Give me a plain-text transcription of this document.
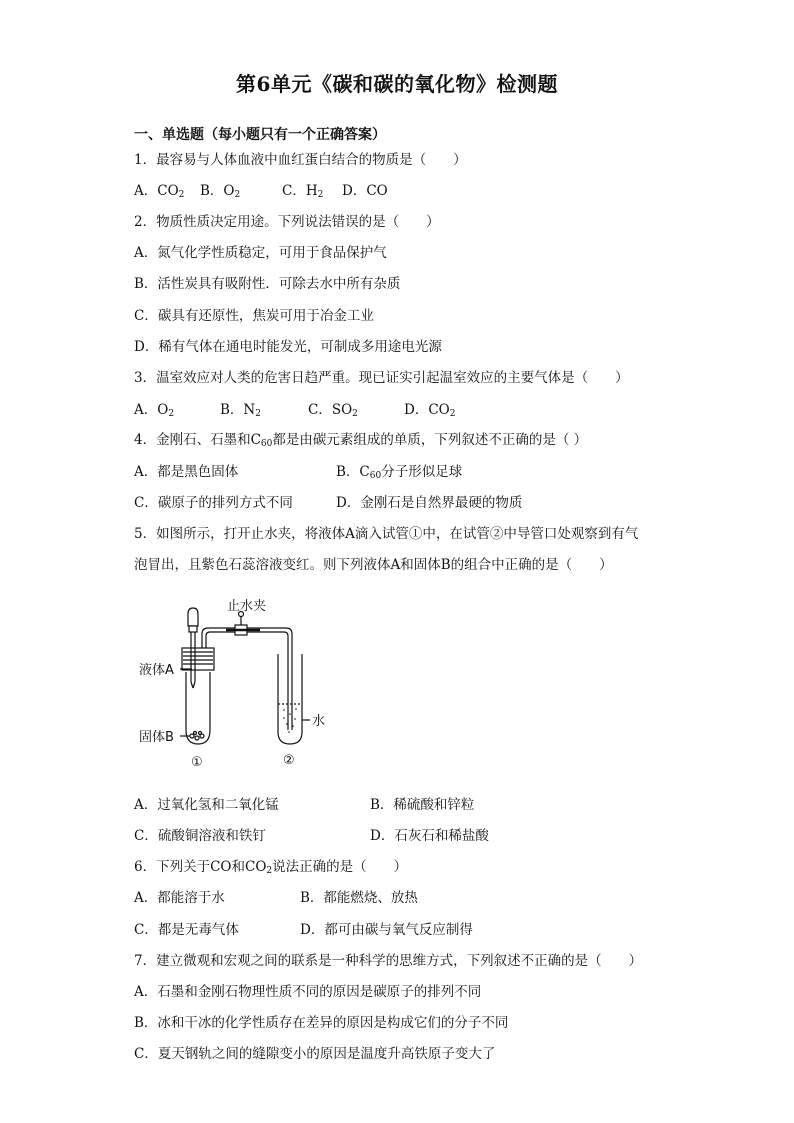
第6单元《碳和碳的氧化物》检测题
一、单选题（每小题只有一个正确答案）
1．最容易与人体血液中血红蛋白结合的物质是（　　）
A．$CO_2$ B．$O_2$	C．$H_2$ D．CO
2．物质性质决定用途。下列说法错误的是（　　）
A．氮气化学性质稳定，可用于食品保护气
B．活性炭具有吸附性．可除去水中所有杂质
C．碳具有还原性，焦炭可用于冶金工业
D．稀有气体在通电时能发光，可制成多用途电光源
3．温室效应对人类的危害日趋严重。现已证实引起温室效应的主要气体是（　　）
A．$O_2$	B．$N_2$	C．$SO_2$	D．$CO_2$
4．金刚石、石墨和$C_{60}$都是由碳元素组成的单质，下列叙述不正确的是（ ）
A．都是黑色固体	B．$C_{60}$分子形似足球
C．碳原子的排列方式不同	D．金刚石是自然界最硬的物质
5．如图所示，打开止水夹，将液体A滴入试管①中，在试管②中导管口处观察到有气
泡冒出，且紫色石蕊溶液变红。则下列液体A和固体B的组合中正确的是（　　）
止水夹
液体A
固体B
水
①	②
A．过氧化氢和二氧化锰	B．稀硫酸和锌粒
C．硫酸铜溶液和铁钉	D．石灰石和稀盐酸
6．下列关于CO和$CO_2$说法正确的是（　　）
A．都能溶于水	B．都能燃烧、放热
C．都是无毒气体	D．都可由碳与氧气反应制得
7．建立微观和宏观之间的联系是一种科学的思维方式，下列叙述不正确的是（　　）
A．石墨和金刚石物理性质不同的原因是碳原子的排列不同
B．冰和干冰的化学性质存在差异的原因是构成它们的分子不同
C．夏天钢轨之间的缝隙变小的原因是温度升高铁原子变大了
